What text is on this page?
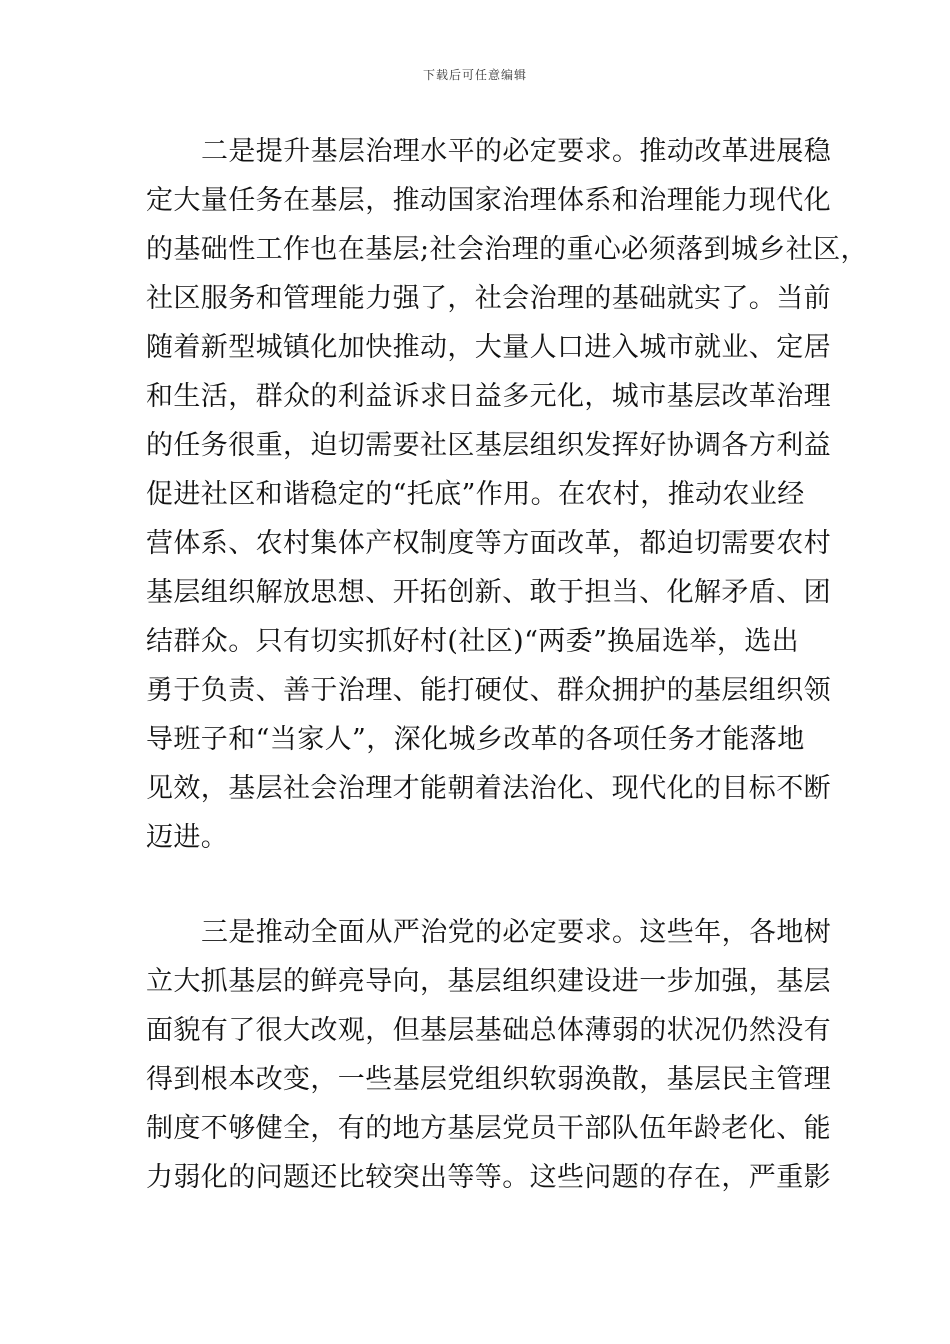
下载后可任意编辑
二是提升基层治理水平的必定要求。推动改革进展稳
定大量任务在基层，推动国家治理体系和治理能力现代化
的基础性工作也在基层;社会治理的重心必须落到城乡社区，
社区服务和管理能力强了，社会治理的基础就实了。当前
随着新型城镇化加快推动，大量人口进入城市就业、定居
和生活，群众的利益诉求日益多元化，城市基层改革治理
的任务很重，迫切需要社区基层组织发挥好协调各方利益
促进社区和谐稳定的“托底”作用。在农村，推动农业经
营体系、农村集体产权制度等方面改革，都迫切需要农村
基层组织解放思想、开拓创新、敢于担当、化解矛盾、团
结群众。只有切实抓好村(社区)“两委”换届选举，选出
勇于负责、善于治理、能打硬仗、群众拥护的基层组织领
导班子和“当家人”，深化城乡改革的各项任务才能落地
见效，基层社会治理才能朝着法治化、现代化的目标不断
迈进。
三是推动全面从严治党的必定要求。这些年，各地树
立大抓基层的鲜亮导向，基层组织建设进一步加强，基层
面貌有了很大改观，但基层基础总体薄弱的状况仍然没有
得到根本改变，一些基层党组织软弱涣散，基层民主管理
制度不够健全，有的地方基层党员干部队伍年龄老化、能
力弱化的问题还比较突出等等。这些问题的存在，严重影
